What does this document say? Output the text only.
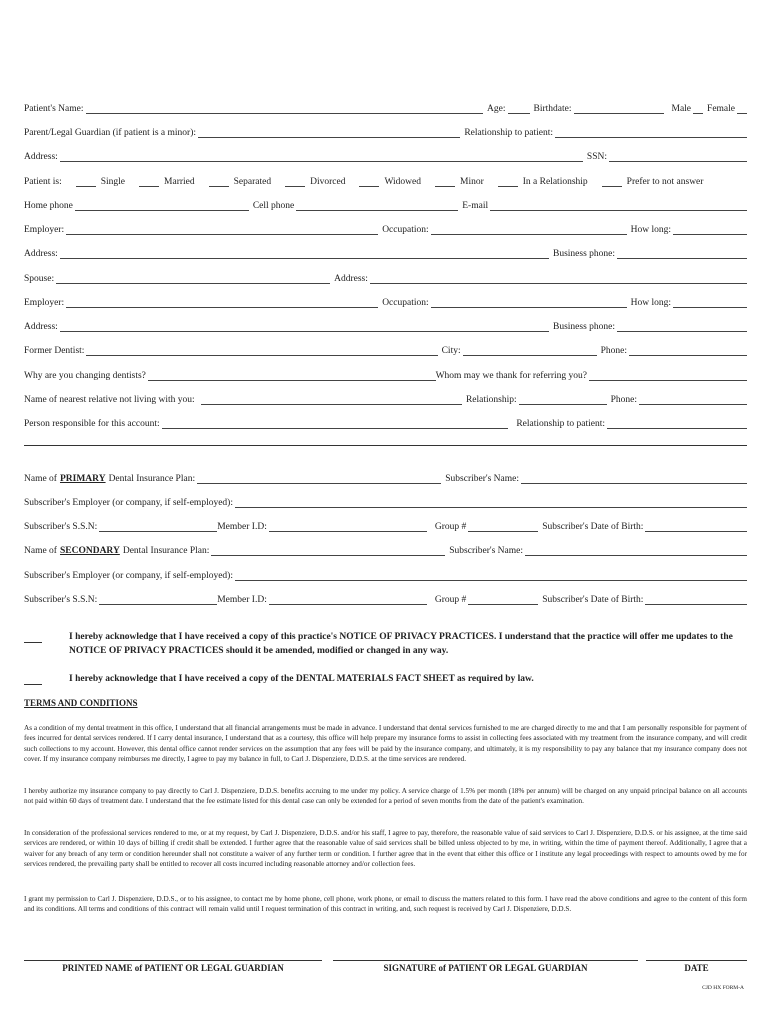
Patient's Name:	Age:	Birthdate:	Male Female
Parent/Legal Guardian (if patient is a minor):	Relationship to patient:
Address:	SSN:
Patient is:	Single	Married	Separated	Divorced	Widowed	Minor	In a Relationship	Prefer to not answer
Home phone	Cell phone	E-mail
Employer:	Occupation:	How long:
Address:	Business phone:
Spouse:	Address:
Employer:	Occupation:	How long:
Address:	Business phone:
Former Dentist:	City:	Phone:
Why are you changing dentists?	Whom may we thank for referring you?
Name of nearest relative not living with you:	Relationship:	Phone:
Person responsible for this account:	Relationship to patient:
Name of PRIMARY Dental Insurance Plan:	Subscriber's Name:
Subscriber's Employer (or company, if self-employed):
Subscriber's S.S.N:	Member I.D:	Group #	Subscriber's Date of Birth:
Name of SECONDARY Dental Insurance Plan:	Subscriber's Name:
Subscriber's Employer (or company, if self-employed):
Subscriber's S.S.N:	Member I.D:	Group #	Subscriber's Date of Birth:
I hereby acknowledge that I have received a copy of this practice's NOTICE OF PRIVACY PRACTICES. I understand that the practice will offer me updates to the NOTICE OF PRIVACY PRACTICES should it be amended, modified or changed in any way.
I hereby acknowledge that I have received a copy of the DENTAL MATERIALS FACT SHEET as required by law.
TERMS AND CONDITIONS
As a condition of my dental treatment in this office, I understand that all financial arrangements must be made in advance. I understand that dental services furnished to me are charged directly to me and that I am personally responsible for payment of fees incurred for dental services rendered. If I carry dental insurance, I understand that as a courtesy, this office will help prepare my insurance forms to assist in collecting fees associated with my treatment from the insurance company, and will credit such collections to my account. However, this dental office cannot render services on the assumption that any fees will be paid by the insurance company, and ultimately, it is my responsibility to pay any balance that my insurance company does not cover. If my insurance company reimburses me directly, I agree to pay my balance in full, to Carl J. Dispenziere, D.D.S. at the time services are rendered.
I hereby authorize my insurance company to pay directly to Carl J. Dispenziere, D.D.S. benefits accruing to me under my policy. A service charge of 1.5% per month (18% per annum) will be charged on any unpaid principal balance on all accounts not paid within 60 days of treatment date. I understand that the fee estimate listed for this dental case can only be extended for a period of seven months from the date of the patient's examination.
In consideration of the professional services rendered to me, or at my request, by Carl J. Dispenziere, D.D.S. and/or his staff, I agree to pay, therefore, the reasonable value of said services to Carl J. Dispenziere, D.D.S. or his assignee, at the time said services are rendered, or within 10 days of billing if credit shall be extended. I further agree that the reasonable value of said services shall be billed unless objected to by me, in writing, within the time of payment thereof. Additionally, I agree that a waiver for any breach of any term or condition hereunder shall not constitute a waiver of any further term or condition. I further agree that in the event that either this office or I institute any legal proceedings with respect to amounts owed by me for services rendered, the prevailing party shall be entitled to recover all costs incurred including reasonable attorney and/or collection fees.
I grant my permission to Carl J. Dispenziere, D.D.S., or to his assignee, to contact me by home phone, cell phone, work phone, or email to discuss the matters related to this form. I have read the above conditions and agree to the content of this form and its conditions. All terms and conditions of this contract will remain valid until I request termination of this contract in writing, and, such request is received by Carl J. Dispenziere, D.D.S.
PRINTED NAME of PATIENT OR LEGAL GUARDIAN	SIGNATURE of PATIENT OR LEGAL GUARDIAN	DATE
CJD HX FORM-A
